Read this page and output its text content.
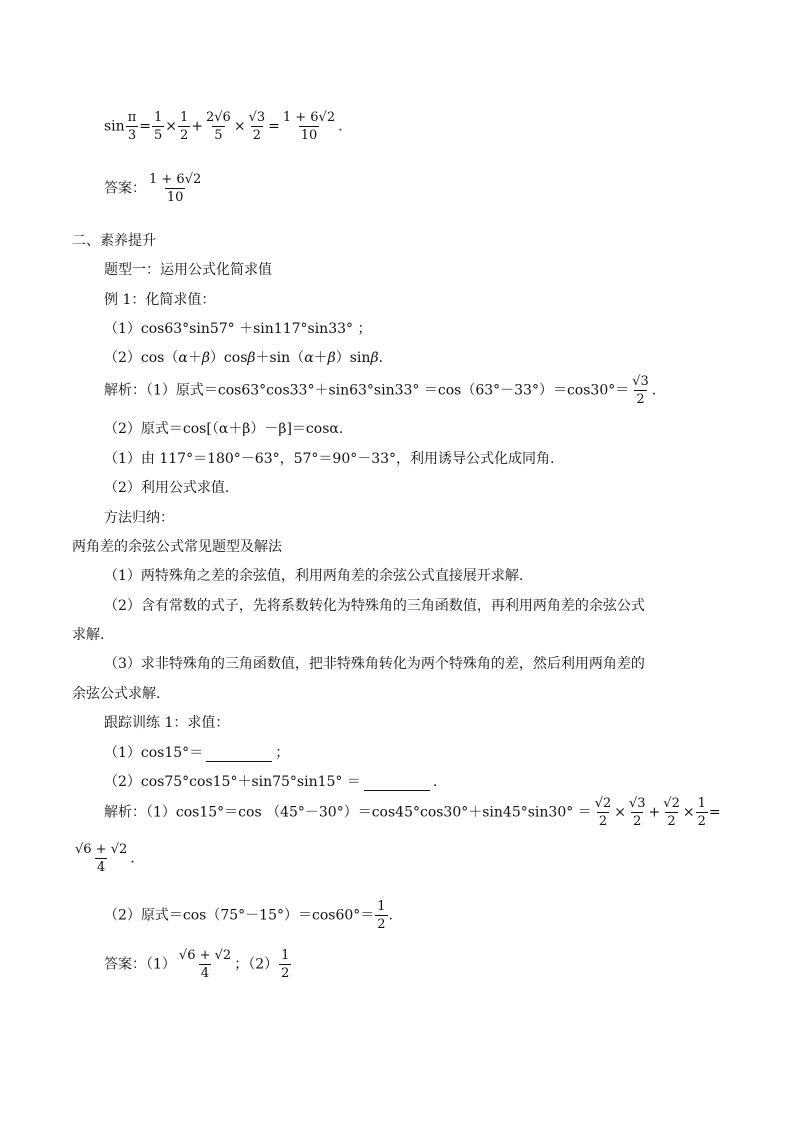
$\sin \frac{\pi}{3} = \frac{1}{5} \times \frac{1}{2} + \frac{2√6}{5} \times \frac{√3}{2} = \frac{1 + 6√2}{10}$ .
答案： $\frac{1 + 6√2}{10}$
二、素养提升
题型一：运用公式化简求值
例 1：化简求值：
（1）cos63°sin57° ＋sin117°sin33° ；
（2）cos（α＋β）cosβ＋sin（α＋β）sinβ.
解析：（1）原式$=\cos 63^\circ\cos 33^\circ+\sin 63^\circ\sin 33^\circ =\cos(63^\circ-33^\circ)=\cos 30^\circ= \frac{√3}{2}$ .
（2）原式＝cos[（α＋β）－β]＝cosα.
（1）由 117°＝180°－63°，57°＝90°－33°，利用诱导公式化成同角.
（2）利用公式求值.
方法归纳：
两角差的余弦公式常见题型及解法
（1）两特殊角之差的余弦值，利用两角差的余弦公式直接展开求解.
（2）含有常数的式子，先将系数转化为特殊角的三角函数值，再利用两角差的余弦公式
求解.
（3）求非特殊角的三角函数值，把非特殊角转化为两个特殊角的差，然后利用两角差的
余弦公式求解.
跟踪训练 1：求值：
（1）cos15°＝	；
（2）cos75°cos15°＋sin75°sin15° ＝	.
解析：（1）cos15°＝cos $(45^\circ-30^\circ)=\cos 45^\circ\cos 30^\circ+\sin 45^\circ\sin 30^\circ = \frac{√2}{2} \times \frac{√3}{2} + \frac{√2}{2} \times \frac{1}{2}$ =
$\frac{√6 + √2}{4}$ .
（2）原式$=\cos(75^\circ-15^\circ)=\cos 60^\circ= \frac{1}{2}$ .
答案：$(1) \frac{√6 + √2}{4}$ ；$(2) \frac{1}{2}$
